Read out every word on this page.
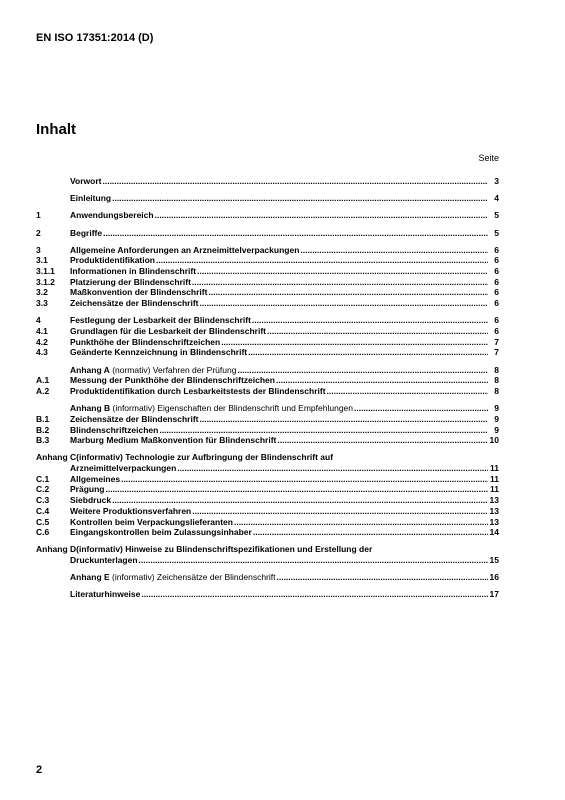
EN ISO 17351:2014 (D)
Inhalt
Seite
Vorwort .....	3
Einleitung .....	4
1	Anwendungsbereich .....	5
2	Begriffe .....	5
3	Allgemeine Anforderungen an Arzneimittelverpackungen .....	6
3.1	Produktidentifikation .....	6
3.1.1	Informationen in Blindenschrift .....	6
3.1.2	Platzierung der Blindenschrift .....	6
3.2	Maßkonvention der Blindenschrift .....	6
3.3	Zeichensätze der Blindenschrift .....	6
4	Festlegung der Lesbarkeit der Blindenschrift .....	6
4.1	Grundlagen für die Lesbarkeit der Blindenschrift .....	6
4.2	Punkthöhe der Blindenschriftzeichen .....	7
4.3	Geänderte Kennzeichnung in Blindenschrift .....	7
Anhang A (normativ) Verfahren der Prüfung .....	8
A.1	Messung der Punkthöhe der Blindenschriftzeichen .....	8
A.2	Produktidentifikation durch Lesbarkeitstests der Blindenschrift .....	8
Anhang B (informativ) Eigenschaften der Blindenschrift und Empfehlungen .....	9
B.1	Zeichensätze der Blindenschrift .....	9
B.2	Blindenschriftzeichen .....	9
B.3	Marburg Medium Maßkonvention für Blindenschrift .....	10
Anhang C (informativ) Technologie zur Aufbringung der Blindenschrift auf
Arzneimittelverpackungen .....	11
C.1	Allgemeines .....	11
C.2	Prägung .....	11
C.3	Siebdruck .....	13
C.4	Weitere Produktionsverfahren .....	13
C.5	Kontrollen beim Verpackungslieferanten .....	13
C.6	Eingangskontrollen beim Zulassungsinhaber .....	14
Anhang D (informativ) Hinweise zu Blindenschriftspezifikationen und Erstellung der
Druckunterlagen .....	15
Anhang E (informativ) Zeichensätze der Blindenschrift .....	16
Literaturhinweise .....	17
2
